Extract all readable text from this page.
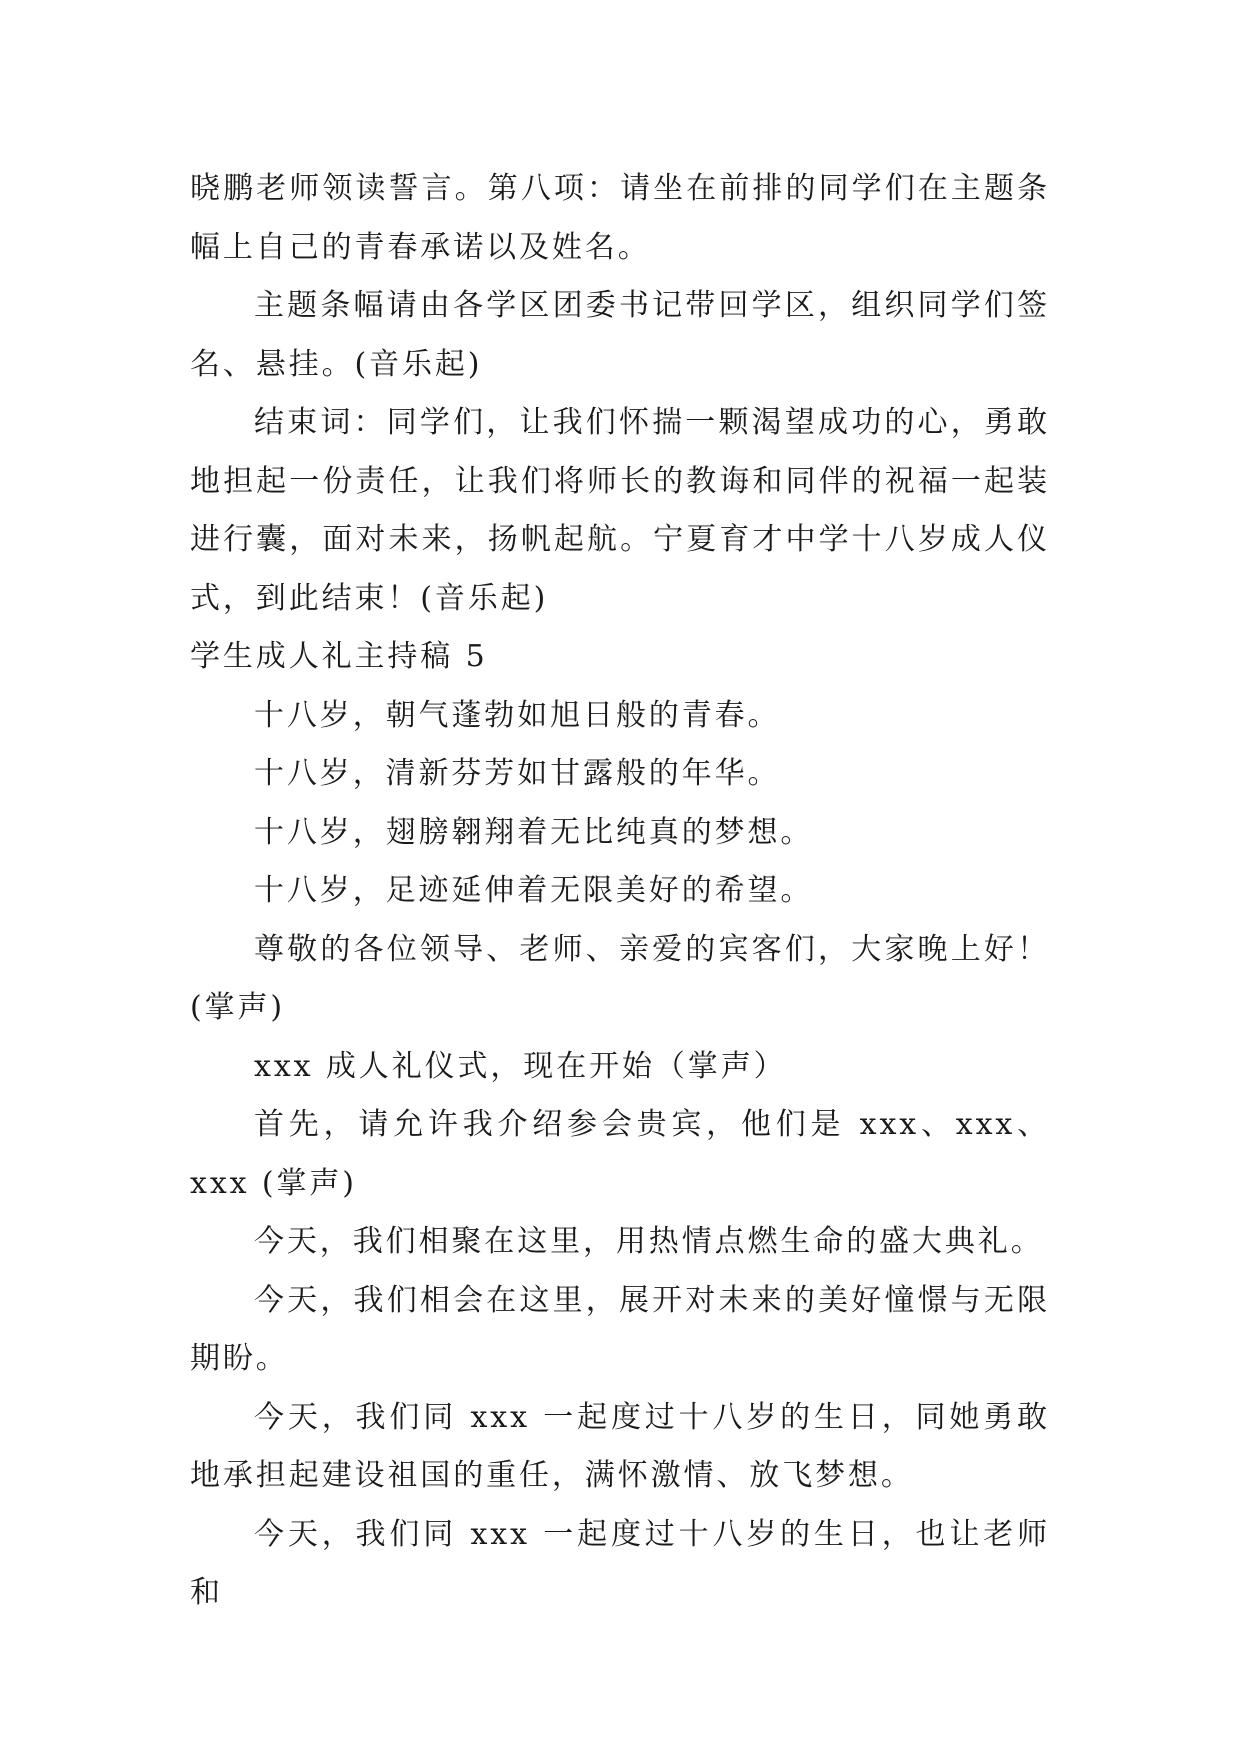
晓鹏老师领读誓言。第八项：请坐在前排的同学们在主题条幅上自己的青春承诺以及姓名。

主题条幅请由各学区团委书记带回学区，组织同学们签名、悬挂。(音乐起)

结束词：同学们，让我们怀揣一颗渴望成功的心，勇敢地担起一份责任，让我们将师长的教诲和同伴的祝福一起装进行囊，面对未来，扬帆起航。宁夏育才中学十八岁成人仪式，到此结束！(音乐起)

学生成人礼主持稿 5

十八岁，朝气蓬勃如旭日般的青春。

十八岁，清新芬芳如甘露般的年华。

十八岁，翅膀翱翔着无比纯真的梦想。

十八岁，足迹延伸着无限美好的希望。

尊敬的各位领导、老师、亲爱的宾客们，大家晚上好！(掌声)

xxx 成人礼仪式，现在开始（掌声）

首先，请允许我介绍参会贵宾，他们是 xxx、xxx、xxx (掌声)

今天，我们相聚在这里，用热情点燃生命的盛大典礼。

今天，我们相会在这里，展开对未来的美好憧憬与无限期盼。

今天，我们同 xxx 一起度过十八岁的生日，同她勇敢地承担起建设祖国的重任，满怀激情、放飞梦想。

今天，我们同 xxx 一起度过十八岁的生日，也让老师和
